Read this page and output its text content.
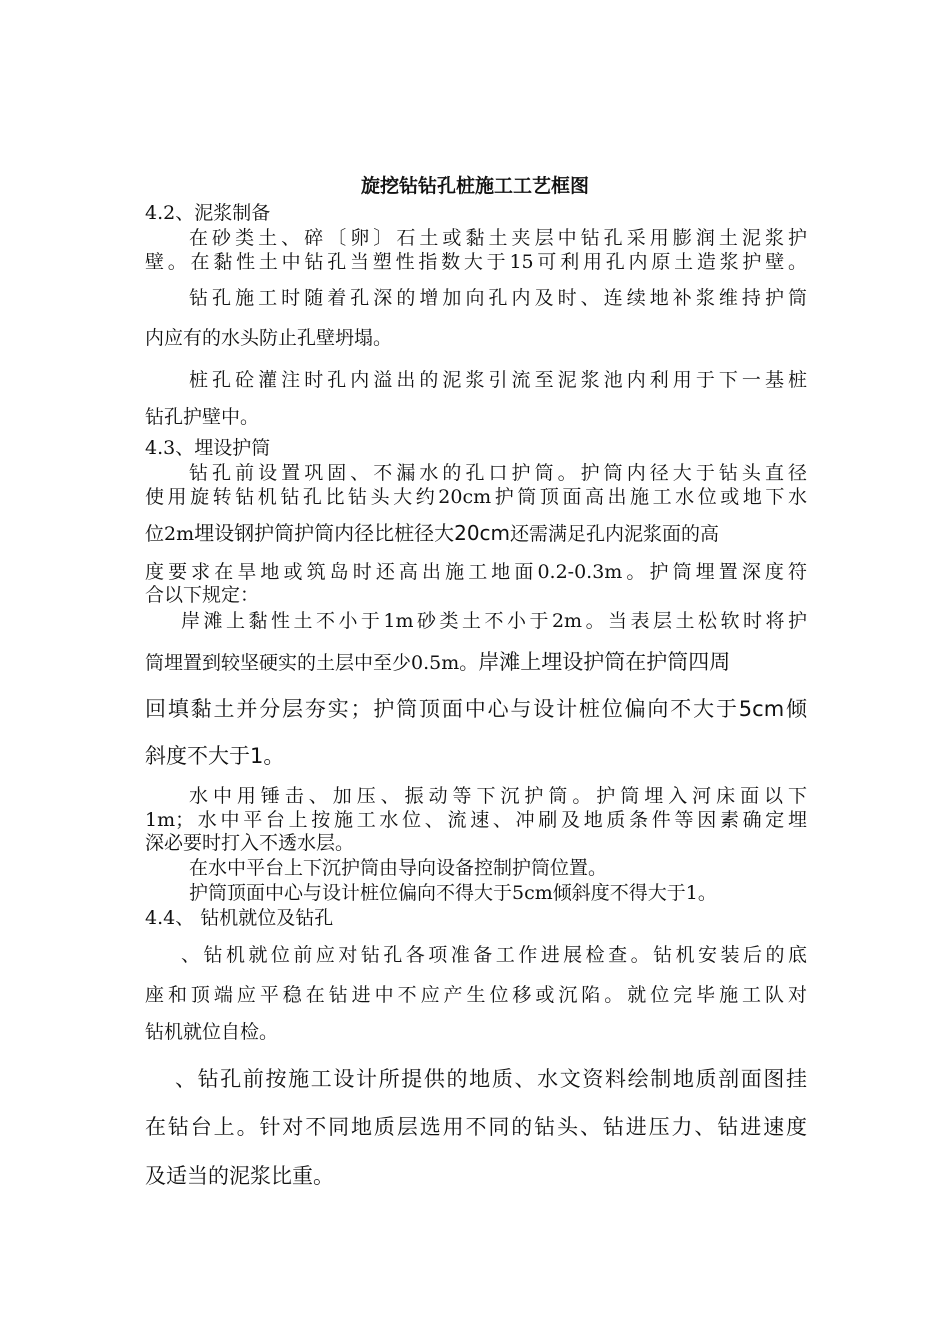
旋挖钻钻孔桩施工工艺框图
4.2、泥浆制备
在砂类土、碎〔卵〕石土或黏土夹层中钻孔采用膨润土泥浆护
壁。在黏性土中钻孔当塑性指数大于15可利用孔内原土造浆护壁。
钻孔施工时随着孔深的增加向孔内及时、连续地补浆维持护筒
内应有的水头防止孔壁坍塌。
桩孔砼灌注时孔内溢出的泥浆引流至泥浆池内利用于下一基桩
钻孔护壁中。
4.3、埋设护筒
钻孔前设置巩固、不漏水的孔口护筒。护筒内径大于钻头直径
使用旋转钻机钻孔比钻头大约20cm护筒顶面高出施工水位或地下水
位2m埋设钢护筒护筒内径比桩径大20cm还需满足孔内泥浆面的高
度要求在旱地或筑岛时还高出施工地面0.2-0.3m。护筒埋置深度符
合以下规定：
岸滩上黏性土不小于1m砂类土不小于2m。当表层土松软时将护
筒埋置到较坚硬实的土层中至少0.5m。岸滩上埋设护筒在护筒四周
回填黏土并分层夯实；护筒顶面中心与设计桩位偏向不大于5cm倾
斜度不大于1。
水中用锤击、加压、振动等下沉护筒。护筒埋入河床面以下
1m；水中平台上按施工水位、流速、冲刷及地质条件等因素确定埋
深必要时打入不透水层。
在水中平台上下沉护筒由导向设备控制护筒位置。
护筒顶面中心与设计桩位偏向不得大于5cm倾斜度不得大于1。
4.4、 钻机就位及钻孔
、钻机就位前应对钻孔各项准备工作进展检查。钻机安装后的底
座和顶端应平稳在钻进中不应产生位移或沉陷。就位完毕施工队对
钻机就位自检。
、钻孔前按施工设计所提供的地质、水文资料绘制地质剖面图挂
在钻台上。针对不同地质层选用不同的钻头、钻进压力、钻进速度
及适当的泥浆比重。
